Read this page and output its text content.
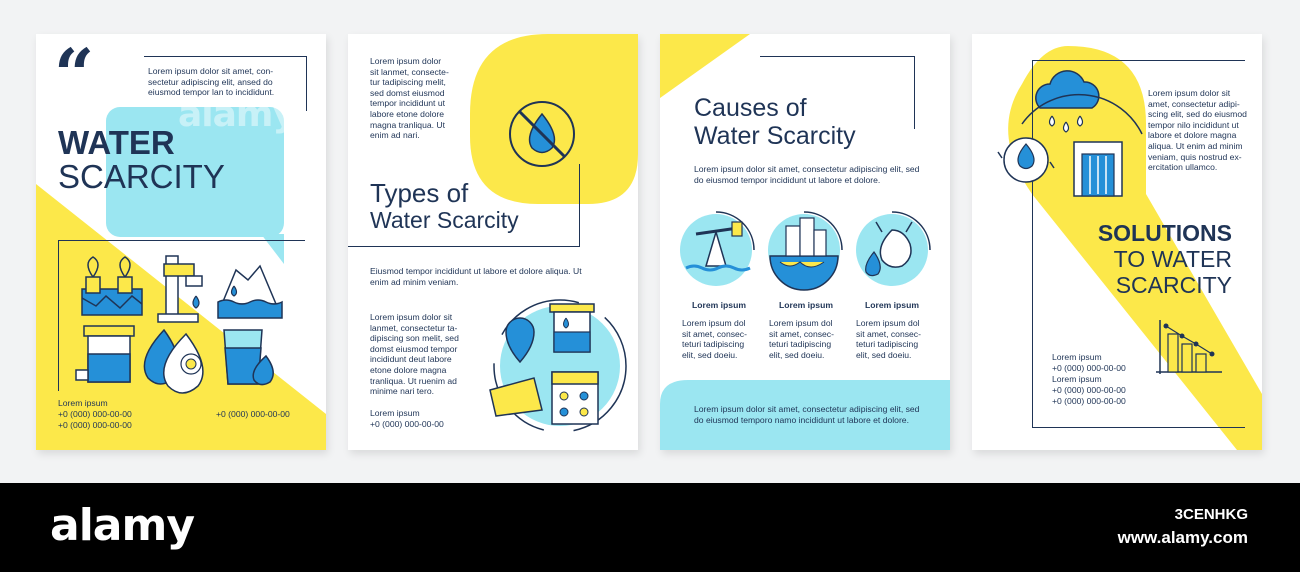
“	Lorem ipsum dolor sit amet, con-
sectetur adipiscing elit, ansed do
eiusmod tempor lan to incididunt.
WATER
SCARCITY
Lorem ipsum
+0 (000) 000-00-00
+0 (000) 000-00-00
+0 (000) 000-00-00
alamy
Lorem ipsum dolor
sit lanmet, consecte-
tur tadipiscing melit,
sed domst eiusmod
tempor incididunt ut
labore etone dolore
magna tranliqua. Ut
enim ad nari.
Types of
Water Scarcity
Eiusmod tempor incididunt ut labore et dolore aliqua. Ut
enim ad minim veniam.
Lorem ipsum dolor sit
lanmet, consectetur ta-
dipiscing son melit, sed
domst eiusmod tempor
incididunt deut labore
etone dolore magna
tranliqua. Ut ruenim ad
minime nari tero.
Lorem ipsum
+0 (000) 000-00-00
Causes of
Water Scarcity
Lorem ipsum dolor sit amet, consectetur adipiscing elit, sed
do eiusmod tempor incididunt ut labore et dolore.
Lorem ipsum
Lorem ipsum dol
sit amet, consec-
teturi tadipiscing
elit, sed doeiu.
Lorem ipsum
Lorem ipsum dol
sit amet, consec-
teturi tadipiscing
elit, sed doeiu.
Lorem ipsum
Lorem ipsum dol
sit amet, consec-
teturi tadipiscing
elit, sed doeiu.
Lorem ipsum dolor sit amet, consectetur adipiscing elit, sed
do eiusmod temporo namo incididunt ut labore et dolore.
Lorem ipsum dolor sit
amet, consectetur adipi-
scing elit, sed do eiusmod
tempor nilo incididunt ut
labore et dolore magna
aliqua. Ut enim ad minim
veniam, quis nostrud ex-
ercitation ullamco.
SOLUTIONS
TO WATER
SCARCITY
Lorem ipsum
+0 (000) 000-00-00
Lorem ipsum
+0 (000) 000-00-00
+0 (000) 000-00-00
alamy	3CENHKG
www.alamy.com
